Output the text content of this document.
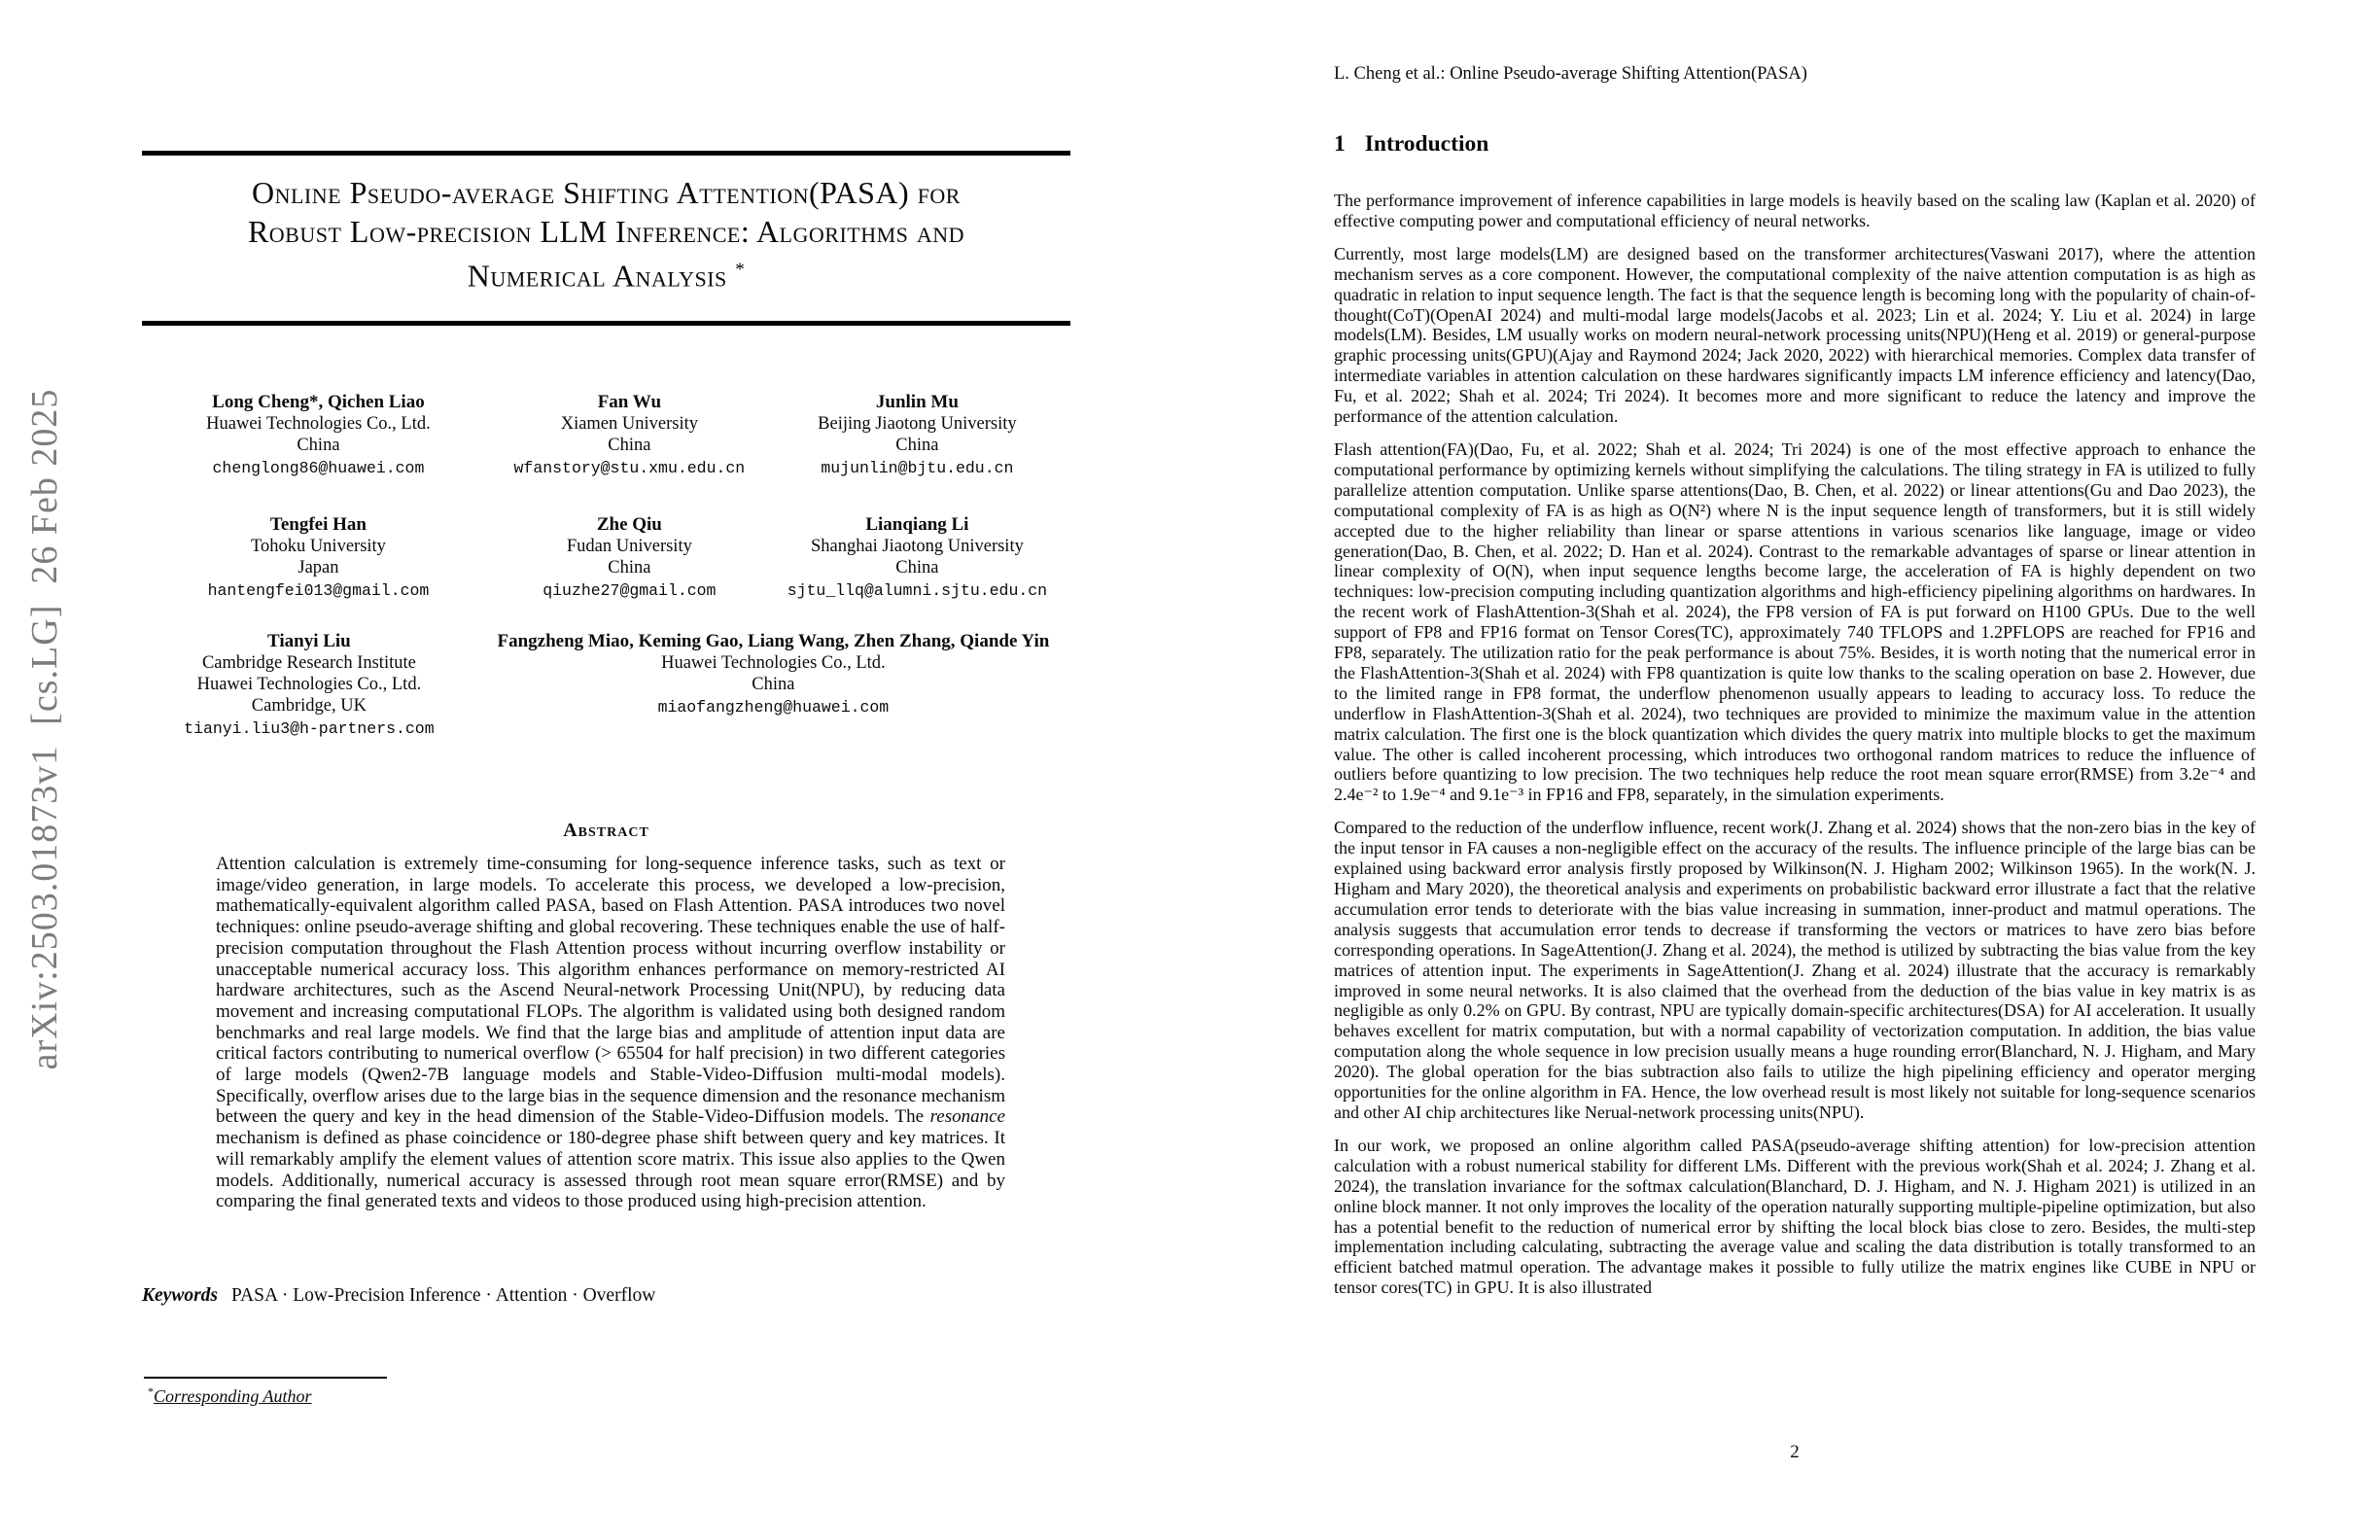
arXiv:2503.01873v1  [cs.LG]  26 Feb 2025
Online Pseudo-average Shifting Attention(PASA) for
Robust Low-precision LLM Inference: Algorithms and
Numerical Analysis *
Long Cheng*, Qichen Liao
Huawei Technologies Co., Ltd.
China
chenglong86@huawei.com
Fan Wu
Xiamen University
China
wfanstory@stu.xmu.edu.cn
Junlin Mu
Beijing Jiaotong University
China
mujunlin@bjtu.edu.cn
Tengfei Han
Tohoku University
Japan
hantengfei013@gmail.com
Zhe Qiu
Fudan University
China
qiuzhe27@gmail.com
Lianqiang Li
Shanghai Jiaotong University
China
sjtu_llq@alumni.sjtu.edu.cn
Tianyi Liu
Cambridge Research Institute
Huawei Technologies Co., Ltd.
Cambridge, UK
tianyi.liu3@h-partners.com
Fangzheng Miao, Keming Gao, Liang Wang, Zhen Zhang, Qiande Yin
Huawei Technologies Co., Ltd.
China
miaofangzheng@huawei.com
Abstract
Attention calculation is extremely time-consuming for long-sequence inference tasks, such as text or image/video generation, in large models. To accelerate this process, we developed a low-precision, mathematically-equivalent algorithm called PASA, based on Flash Attention. PASA introduces two novel techniques: online pseudo-average shifting and global recovering. These techniques enable the use of half-precision computation throughout the Flash Attention process without incurring overflow instability or unacceptable numerical accuracy loss. This algorithm enhances performance on memory-restricted AI hardware architectures, such as the Ascend Neural-network Processing Unit(NPU), by reducing data movement and increasing computational FLOPs. The algorithm is validated using both designed random benchmarks and real large models. We find that the large bias and amplitude of attention input data are critical factors contributing to numerical overflow (> 65504 for half precision) in two different categories of large models (Qwen2-7B language models and Stable-Video-Diffusion multi-modal models). Specifically, overflow arises due to the large bias in the sequence dimension and the resonance mechanism between the query and key in the head dimension of the Stable-Video-Diffusion models. The resonance mechanism is defined as phase coincidence or 180-degree phase shift between query and key matrices. It will remarkably amplify the element values of attention score matrix. This issue also applies to the Qwen models. Additionally, numerical accuracy is assessed through root mean square error(RMSE) and by comparing the final generated texts and videos to those produced using high-precision attention.
Keywords PASA · Low-Precision Inference · Attention · Overflow
*Corresponding Author
L. Cheng et al.: Online Pseudo-average Shifting Attention(PASA)
1 Introduction

The performance improvement of inference capabilities in large models is heavily based on the scaling law (Kaplan et al. 2020) of effective computing power and computational efficiency of neural networks.

Currently, most large models(LM) are designed based on the transformer architectures(Vaswani 2017), where the attention mechanism serves as a core component. However, the computational complexity of the naive attention computation is as high as quadratic in relation to input sequence length. The fact is that the sequence length is becoming long with the popularity of chain-of-thought(CoT)(OpenAI 2024) and multi-modal large models(Jacobs et al. 2023; Lin et al. 2024; Y. Liu et al. 2024) in large models(LM). Besides, LM usually works on modern neural-network processing units(NPU)(Heng et al. 2019) or general-purpose graphic processing units(GPU)(Ajay and Raymond 2024; Jack 2020, 2022) with hierarchical memories. Complex data transfer of intermediate variables in attention calculation on these hardwares significantly impacts LM inference efficiency and latency(Dao, Fu, et al. 2022; Shah et al. 2024; Tri 2024). It becomes more and more significant to reduce the latency and improve the performance of the attention calculation.

Flash attention(FA)(Dao, Fu, et al. 2022; Shah et al. 2024; Tri 2024) is one of the most effective approach to enhance the computational performance by optimizing kernels without simplifying the calculations. The tiling strategy in FA is utilized to fully parallelize attention computation. Unlike sparse attentions(Dao, B. Chen, et al. 2022) or linear attentions(Gu and Dao 2023), the computational complexity of FA is as high as O(N²) where N is the input sequence length of transformers, but it is still widely accepted due to the higher reliability than linear or sparse attentions in various scenarios like language, image or video generation(Dao, B. Chen, et al. 2022; D. Han et al. 2024). Contrast to the remarkable advantages of sparse or linear attention in linear complexity of O(N), when input sequence lengths become large, the acceleration of FA is highly dependent on two techniques: low-precision computing including quantization algorithms and high-efficiency pipelining algorithms on hardwares. In the recent work of FlashAttention-3(Shah et al. 2024), the FP8 version of FA is put forward on H100 GPUs. Due to the well support of FP8 and FP16 format on Tensor Cores(TC), approximately 740 TFLOPS and 1.2PFLOPS are reached for FP16 and FP8, separately. The utilization ratio for the peak performance is about 75%. Besides, it is worth noting that the numerical error in the FlashAttention-3(Shah et al. 2024) with FP8 quantization is quite low thanks to the scaling operation on base 2. However, due to the limited range in FP8 format, the underflow phenomenon usually appears to leading to accuracy loss. To reduce the underflow in FlashAttention-3(Shah et al. 2024), two techniques are provided to minimize the maximum value in the attention matrix calculation. The first one is the block quantization which divides the query matrix into multiple blocks to get the maximum value. The other is called incoherent processing, which introduces two orthogonal random matrices to reduce the influence of outliers before quantizing to low precision. The two techniques help reduce the root mean square error(RMSE) from 3.2e⁻⁴ and 2.4e⁻² to 1.9e⁻⁴ and 9.1e⁻³ in FP16 and FP8, separately, in the simulation experiments.

Compared to the reduction of the underflow influence, recent work(J. Zhang et al. 2024) shows that the non-zero bias in the key of the input tensor in FA causes a non-negligible effect on the accuracy of the results. The influence principle of the large bias can be explained using backward error analysis firstly proposed by Wilkinson(N. J. Higham 2002; Wilkinson 1965). In the work(N. J. Higham and Mary 2020), the theoretical analysis and experiments on probabilistic backward error illustrate a fact that the relative accumulation error tends to deteriorate with the bias value increasing in summation, inner-product and matmul operations. The analysis suggests that accumulation error tends to decrease if transforming the vectors or matrices to have zero bias before corresponding operations. In SageAttention(J. Zhang et al. 2024), the method is utilized by subtracting the bias value from the key matrices of attention input. The experiments in SageAttention(J. Zhang et al. 2024) illustrate that the accuracy is remarkably improved in some neural networks. It is also claimed that the overhead from the deduction of the bias value in key matrix is as negligible as only 0.2% on GPU. By contrast, NPU are typically domain-specific architectures(DSA) for AI acceleration. It usually behaves excellent for matrix computation, but with a normal capability of vectorization computation. In addition, the bias value computation along the whole sequence in low precision usually means a huge rounding error(Blanchard, N. J. Higham, and Mary 2020). The global operation for the bias subtraction also fails to utilize the high pipelining efficiency and operator merging opportunities for the online algorithm in FA. Hence, the low overhead result is most likely not suitable for long-sequence scenarios and other AI chip architectures like Nerual-network processing units(NPU).

In our work, we proposed an online algorithm called PASA(pseudo-average shifting attention) for low-precision attention calculation with a robust numerical stability for different LMs. Different with the previous work(Shah et al. 2024; J. Zhang et al. 2024), the translation invariance for the softmax calculation(Blanchard, D. J. Higham, and N. J. Higham 2021) is utilized in an online block manner. It not only improves the locality of the operation naturally supporting multiple-pipeline optimization, but also has a potential benefit to the reduction of numerical error by shifting the local block bias close to zero. Besides, the multi-step implementation including calculating, subtracting the average value and scaling the data distribution is totally transformed to an efficient batched matmul operation. The advantage makes it possible to fully utilize the matrix engines like CUBE in NPU or tensor cores(TC) in GPU. It is also illustrated

2
